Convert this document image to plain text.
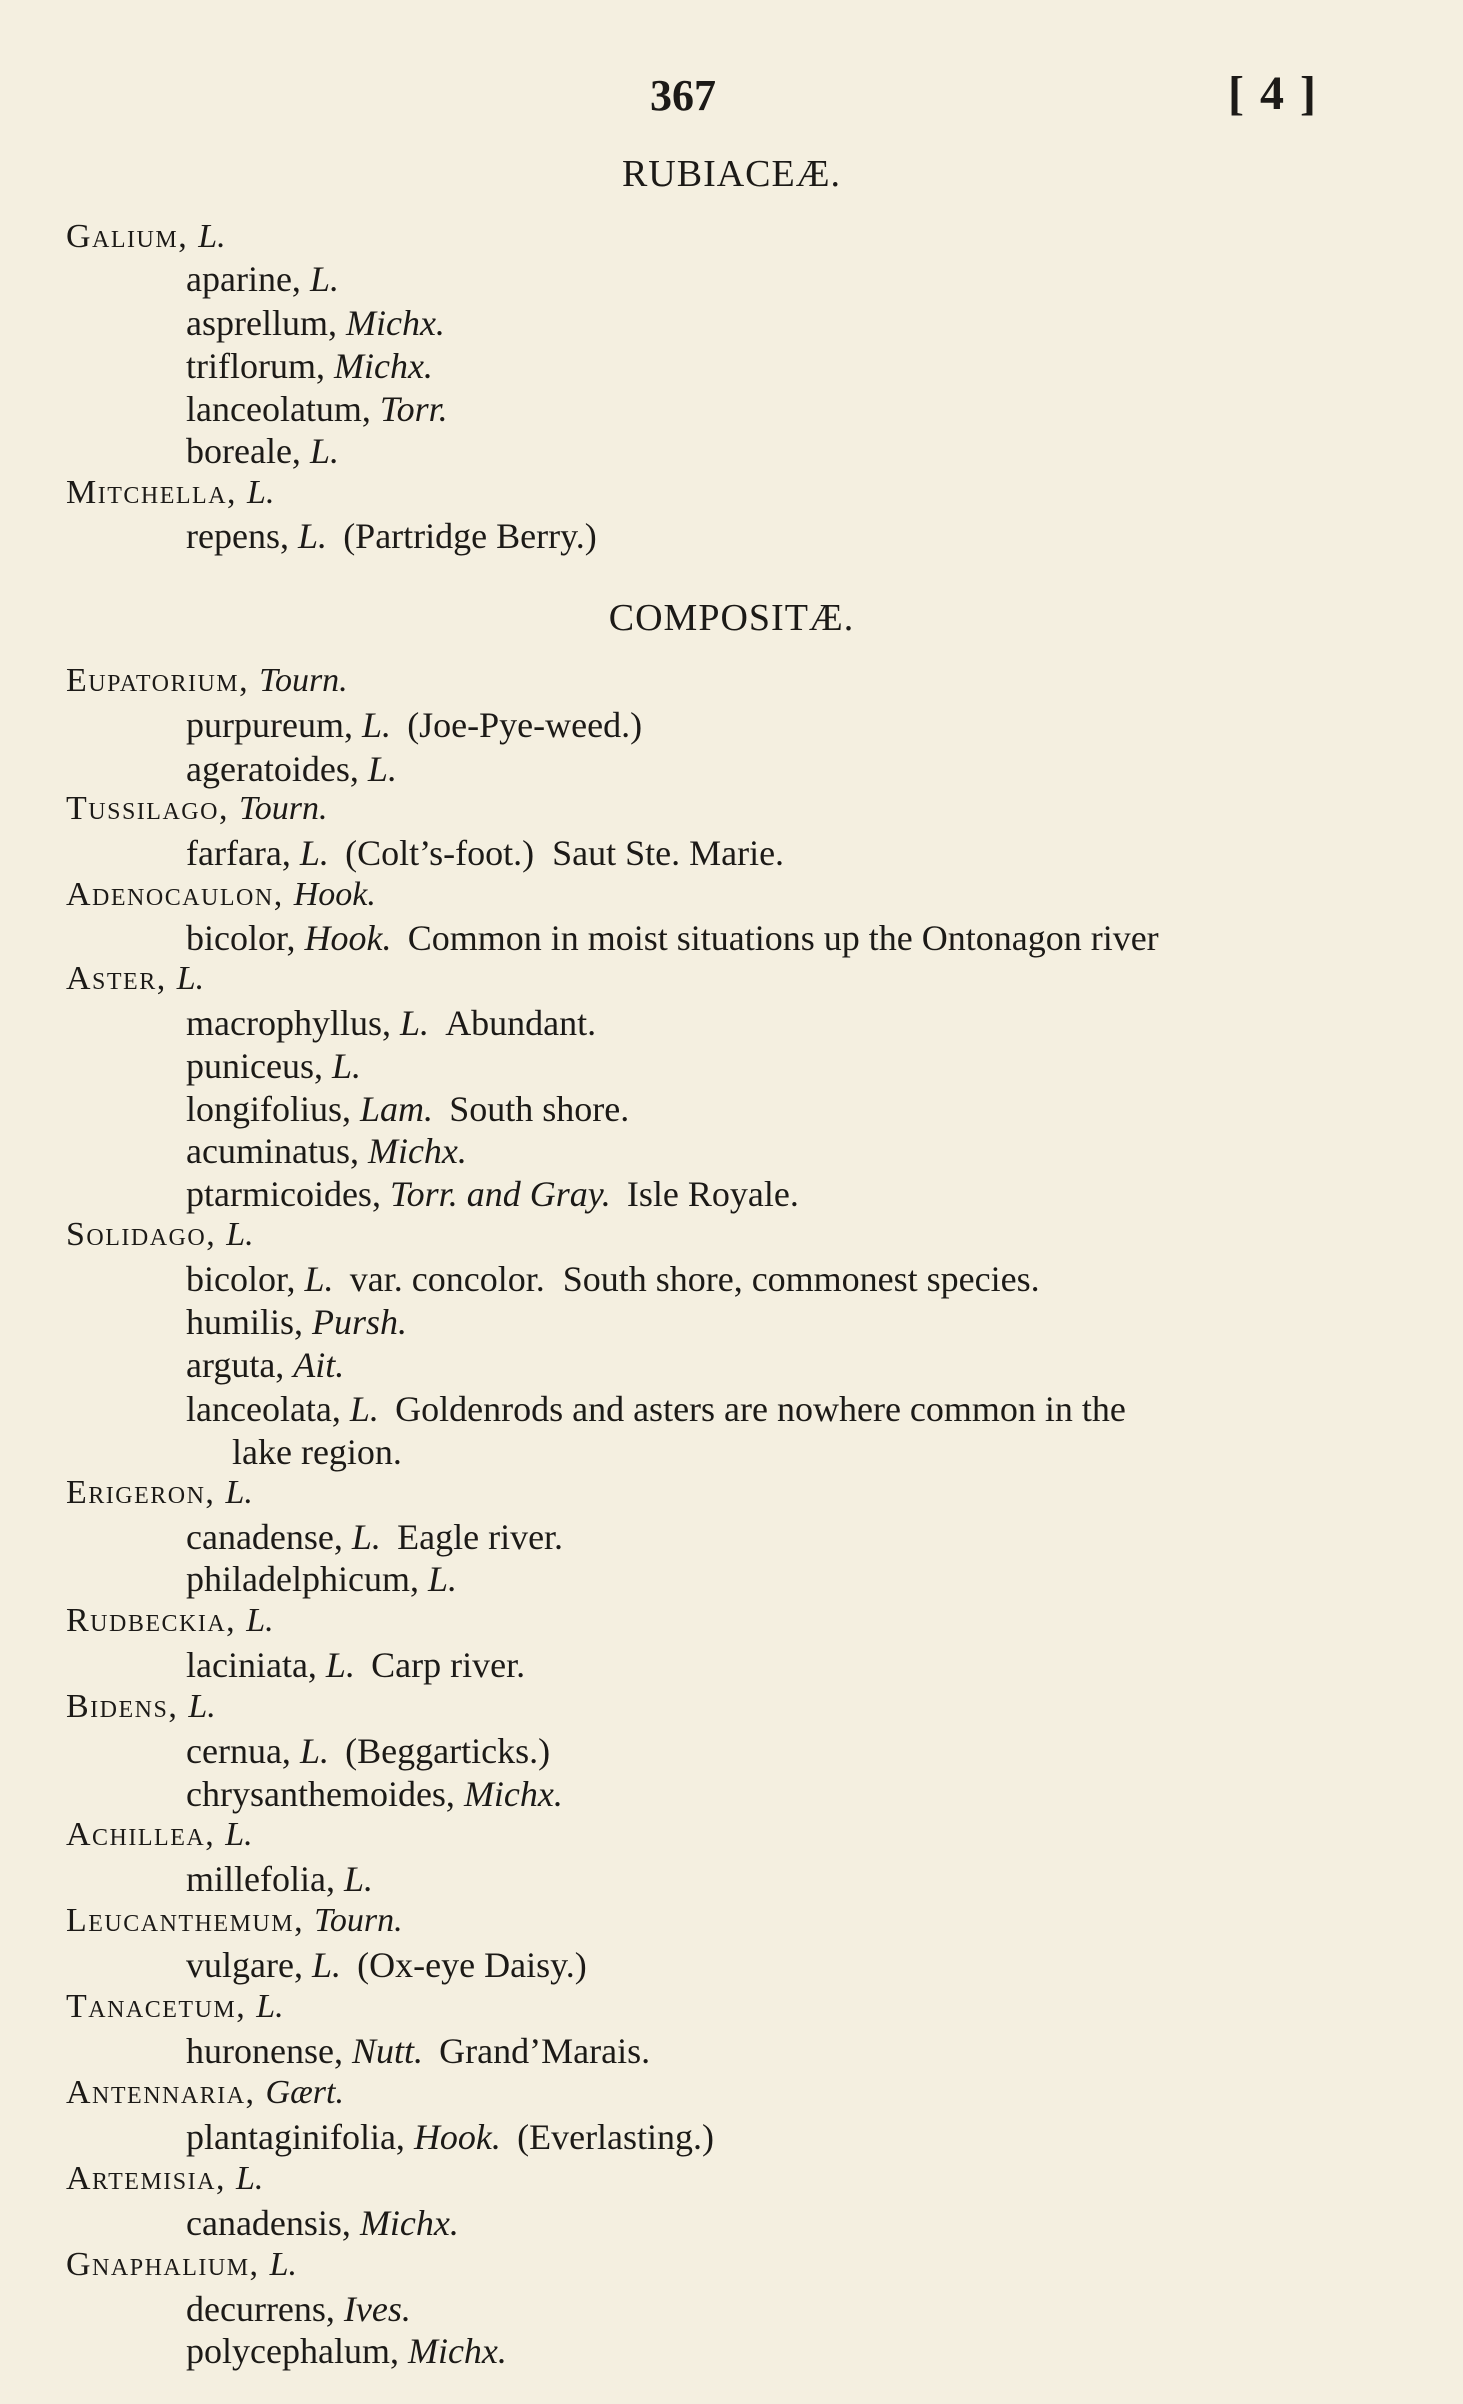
367	[ 4 ]
RUBIACEÆ.
Galium, L.
aparine, L.
asprellum, Michx.
triflorum, Michx.
lanceolatum, Torr.
boreale, L.
Mitchella, L.
repens, L. (Partridge Berry.)
COMPOSITÆ.
Eupatorium, Tourn.
purpureum, L. (Joe-Pye-weed.)
ageratoides, L.
Tussilago, Tourn.
farfara, L. (Colt’s-foot.)  Saut Ste. Marie.
Adenocaulon, Hook.
bicolor, Hook. Common in moist situations up the Ontonagon river
Aster, L.
macrophyllus, L. Abundant.
puniceus, L.
longifolius, Lam. South shore.
acuminatus, Michx.
ptarmicoides, Torr. and Gray. Isle Royale.
Solidago, L.
bicolor, L. var. concolor.  South shore, commonest species.
humilis, Pursh.
arguta, Ait.
lanceolata, L. Goldenrods and asters are nowhere common in the
lake region.
Erigeron, L.
canadense, L. Eagle river.
philadelphicum, L.
Rudbeckia, L.
laciniata, L. Carp river.
Bidens, L.
cernua, L. (Beggarticks.)
chrysanthemoides, Michx.
Achillea, L.
millefolia, L.
Leucanthemum, Tourn.
vulgare, L. (Ox-eye Daisy.)
Tanacetum, L.
huronense, Nutt. Grand’Marais.
Antennaria, Gært.
plantaginifolia, Hook. (Everlasting.)
Artemisia, L.
canadensis, Michx.
Gnaphalium, L.
decurrens, Ives.
polycephalum, Michx.
